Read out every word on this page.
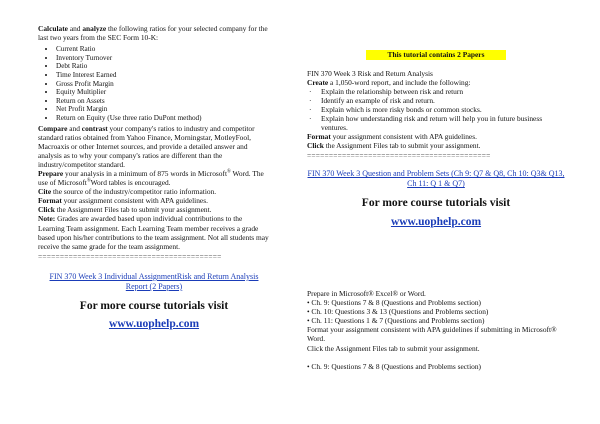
Calculate and analyze the following ratios for your selected company for the last two years from the SEC Form 10-K:

• Current Ratio
• Inventory Turnover
• Debt Ratio
• Time Interest Earned
• Gross Profit Margin
• Equity Multiplier
• Return on Assets
• Net Profit Margin
• Return on Equity (Use three ratio DuPont method)

Compare and contrast your company's ratios to industry and competitor standard ratios obtained from Yahoo Finance, Morningstar, MotleyFool, Macroaxis or other Internet sources, and provide a detailed answer and analysis as to why your company's ratios are different than the industry/competitor standard.

Prepare your analysis in a minimum of 875 words in Microsoft® Word. The use of Microsoft®Word tables is encouraged.

Cite the source of the industry/competitor ratio information.

Format your assignment consistent with APA guidelines.

Click the Assignment Files tab to submit your assignment.

Note: Grades are awarded based upon individual contributions to the Learning Team assignment. Each Learning Team member receives a grade based upon his/her contributions to the team assignment. Not all students may receive the same grade for the team assignment.

==========================================
FIN 370 Week 3 Individual AssignmentRisk and Return Analysis Report (2 Papers)
For more course tutorials visit
www.uophelp.com
This tutorial contains 2 Papers

FIN 370 Week 3 Risk and Return Analysis

Create a 1,050-word report, and include the following:

· Explain the relationship between risk and return

· Identify an example of risk and return.

· Explain which is more risky bonds or common stocks.

· Explain how understanding risk and return will help you in future business ventures.

Format your assignment consistent with APA guidelines.

Click the Assignment Files tab to submit your assignment.

==========================================
FIN 370 Week 3 Question and Problem Sets (Ch 9: Q7 & Q8, Ch 10: Q3& Q13, Ch 11: Q 1 & Q7)
For more course tutorials visit
www.uophelp.com

Prepare in Microsoft® Excel® or Word.

• Ch. 9: Questions 7 & 8 (Questions and Problems section)

• Ch. 10: Questions 3 & 13 (Questions and Problems section)

• Ch. 11: Questions 1 & 7 (Questions and Problems section)

Format your assignment consistent with APA guidelines if submitting in Microsoft® Word.

Click the Assignment Files tab to submit your assignment.

• Ch. 9: Questions 7 & 8 (Questions and Problems section)
